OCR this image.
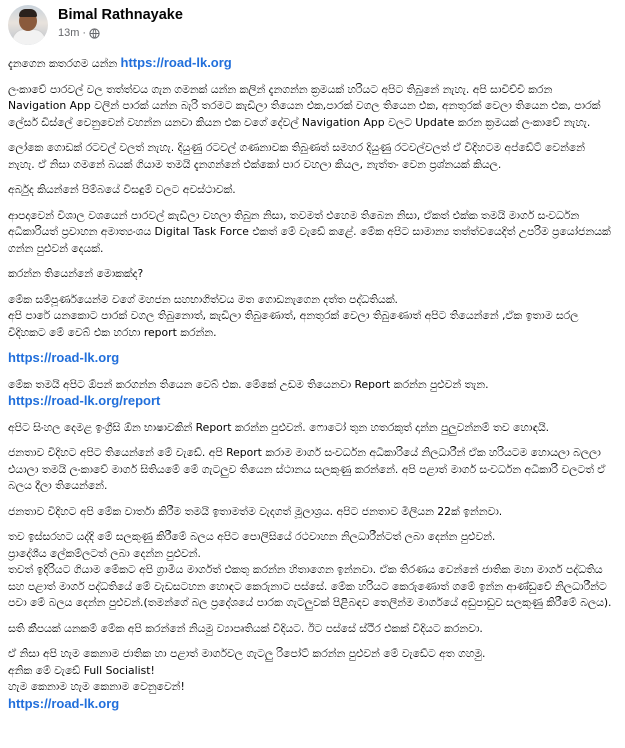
Bimal Rathnayake
13m ·
දැනගෙන කතරගම යන්න https://road-lk.org
ලංකාවේ පාරවල් වල තත්ත්වය ගැන ගමනක් යන්න කලින් දැනගන්න ක්‍රමයක් හරියට අපිට තිබුනේ නැහැ. අපි සාවිච්චි කරන Navigation App වලින් පාරක් යන්න බැරි තරමට කැඩිලා තියෙන එක,පාරක් වගල තියෙන එක, අනතුරක් වෙලා තියෙන එක, පාරක් ලේසර් ඩිස්ලේ වෙනුවෙන් වහන්න යනවා කියන එක වගේ දේවල් Navigation App වලට Update කරන ක්‍රමයක් ලංකාවේ නැහැ.
ලෝකෙ ගොඩක් රටවල් වලත් නැහැ. දියුණු රටවල් ගණනාවක තිබුණත් සමහර දියුණු රටවල්වලත් ඒ විදිහටම අප්ඩේට් වෙන්නේ නැහැ. ඒ නිසා ගමනේ බයක් ගියාම තමයි දැනගන්නේ එක්කෝ පාර වහලා කියල, නැත්තං වෙන ප්‍රශ්නයක් කියල.
අර්බුද කියන්නේ පිම්බයේ විසඳුම් වලට අවස්ථාවක්.
ආපදාවෙන් විශාල වශයෙන් පාරවල් කැඩිලා වහලා තිබුන නිසා, තවමත් එහෙම තිබෙන නිසා, ඒකත් එක්ක තමයි මාර්ග සංවර්ධන අධිකාරියත් ප්‍රවාහන අමාත්‍යංශය Digital Task Force එකත් මේ වැඩේ කළේ. මේක අපිට සාමාන්‍ය තත්ත්වයෙදිත් උපරිම ප්‍රයෝජනයක් ගන්න පුළුවන් දෙයක්.
කරන්න තියෙන්නේ මොකක්ද?
මේක සම්පූර්ණයෙන්ම වගේ මහජන සහභාගිත්වය මත ගොඩනැගෙන දත්ත පද්ධතියක්.
අපි පාරේ යනකොට පාරක් වගල තිබුනොත්, කැඩිලා තිබුණොත්, අනතුරක් වෙලා තිබුණොත් අපිට තියෙන්නේ ,ඒක ඉතාම සරල විදිහකට මේ වෙබ් එක හරහා report කරන්න.
https://road-lk.org
මේක තමයි අපිට ඕපන් කරගන්න තියෙන වෙබ් එක. මේකේ උඩම තියෙනවා Report කරන්න පුළුවන් තැන.
https://road-lk.org/report
අපිට සිංහල දෙමළ ඉංග්‍රීසි ඕන භාෂාවකින් Report කරන්න පුළුවන්. ෆොටෝ තුන හතරකුත් දාන්න පුලුවන්නම් තව හොඳයි.
ජනතාව විදිහට අපිට තියෙන්නේ මේ වැඩේ. අපි Report කරාම මාර්ග සංවර්ධන අධිකාරියේ නිලධාරීන් ඒක හරියටම හොයලා බලලා එයාලා තමයි ලංකාවේ මාර්ග සිතියමේ මේ ගැටලුව තියෙන ස්ථානය සලකුණු කරන්නේ. අපි පළාත් මාර්ග සංවර්ධන අධිකාරි වලටත් ඒ බලය දීලා තියෙන්නේ.
ජනතාව විදිහට අපි මේක වාර්තා කිරීම තමයි ඉතාමත්ම වැදගත් මූලාශ්‍රය. අපිට ජනතාව මිලියන 22ක් ඉන්නවා.
තව ඉස්සරහට යද්දි මේ සලකුණු කිරීමේ බලය අපිට පොලිසියේ රථවාහන නිලධාරීන්ටත් ලබා දෙන්න පුළුවන්.
ප්‍රාදේශීය ලේකම්ලටත් ලබා දෙන්න පුළුවන්.
තවත් ඉදිරියට ගියාම මේකට අපි ග්‍රාමීය මාර්ගත් එකතු කරන්න හිතාගෙන ඉන්නවා. ඒක තිරණය වෙන්නේ ජාතික මහා මාර්ග පද්ධතිය සහ පළාත් මාර්ග පද්ධතියේ මේ වැඩසටහන හොඳට කෙරුනාට පස්සේ. මේක හරියට කෙරුණොත් ගමේ ඉන්න ආණ්ඩුවේ නිලධාරීන්ට පවා මේ බලය දෙන්න පුළුවන්.(තමන්ගේ බල ප්‍රදේශයේ පාරක ගැටලුවක් පිළිබඳව තෙලින්ම මාර්ගයේ අඩුපාඩුව සලකුණු කිරීමේ බලය).
සති කීපයක් යනකම් මේක අපි කරන්නේ නියමු ව්‍යාපෘතියක් විදියට. ඊට පස්සේ ස්ථිර එකක් විදියට කරනවා.
ඒ නිසා අපි හැම කෙනාම ජාතික හා පළාත් මාර්ගවල ගැටලු රිපෝට් කරන්න පුළුවන් මේ වැඩේට අත ගහමු.
අනික මේ වැඩේ Full Socialist!
හැම කෙනාම හැම කෙනාම වෙනුවෙන්!
https://road-lk.org
